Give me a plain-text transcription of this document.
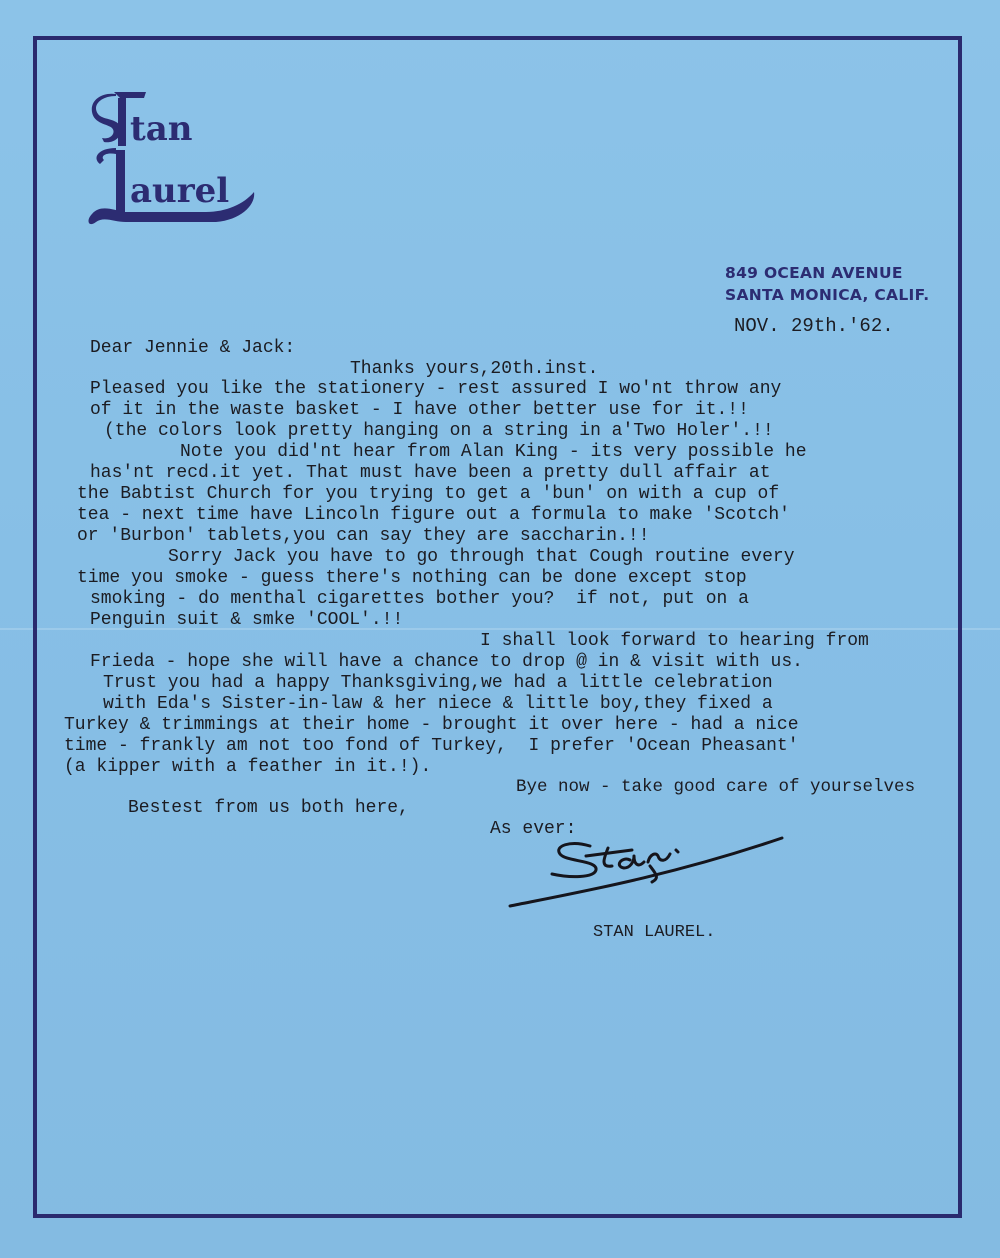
tan
aurel
849 OCEAN AVENUE
SANTA MONICA, CALIF.
NOV. 29th.'62.
Dear Jennie & Jack:
Thanks yours,20th.inst.
Pleased you like the stationery - rest assured I wo'nt throw any
of it in the waste basket - I have other better use for it.!!
(the colors look pretty hanging on a string in a'Two Holer'.!!
Note you did'nt hear from Alan King - its very possible he
has'nt recd.it yet. That must have been a pretty dull affair at
the Babtist Church for you trying to get a 'bun' on with a cup of
tea - next time have Lincoln figure out a formula to make 'Scotch'
or 'Burbon' tablets,you can say they are saccharin.!!
Sorry Jack you have to go through that Cough routine every
time you smoke - guess there's nothing can be done except stop
smoking - do menthal cigarettes bother you?  if not, put on a
Penguin suit & smke 'COOL'.!!
I shall look forward to hearing from
Frieda - hope she will have a chance to drop @ in & visit with us.
Trust you had a happy Thanksgiving,we had a little celebration
with Eda's Sister-in-law & her niece & little boy,they fixed a
Turkey & trimmings at their home - brought it over here - had a nice
time - frankly am not too fond of Turkey,  I prefer 'Ocean Pheasant'
(a kipper with a feather in it.!).
Bye now - take good care of yourselves
Bestest from us both here,
As ever:
STAN LAUREL.
